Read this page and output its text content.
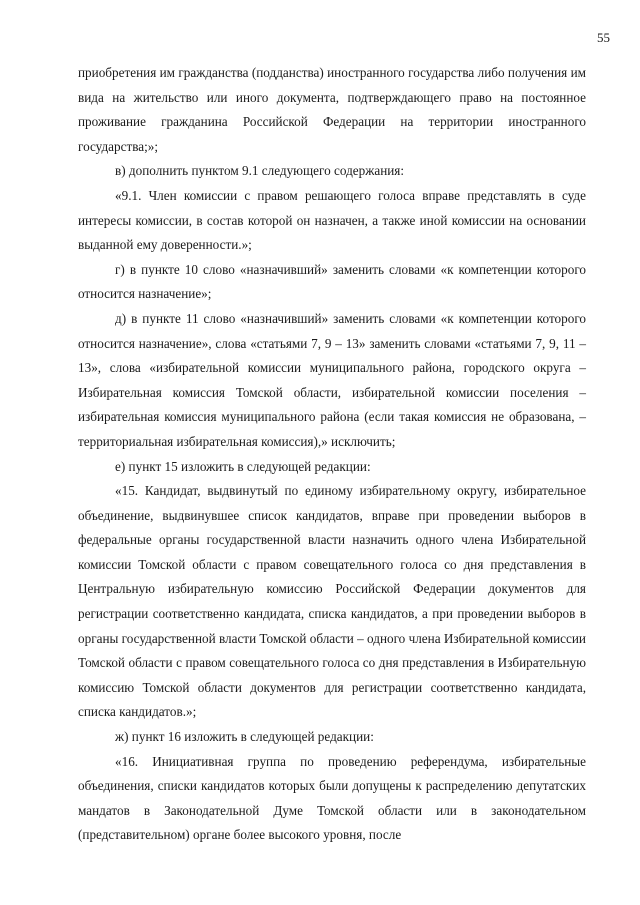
55

приобретения им гражданства (подданства) иностранного государства либо получения им вида на жительство или иного документа, подтверждающего право на постоянное проживание гражданина Российской Федерации на территории иностранного государства;»;

в) дополнить пунктом 9.1 следующего содержания:

«9.1. Член комиссии с правом решающего голоса вправе представлять в суде интересы комиссии, в состав которой он назначен, а также иной комиссии на основании выданной ему доверенности.»;

г) в пункте 10 слово «назначивший» заменить словами «к компетенции которого относится назначение»;

д) в пункте 11 слово «назначивший» заменить словами «к компетенции которого относится назначение», слова «статьями 7, 9 – 13» заменить словами «статьями 7, 9, 11 – 13», слова «избирательной комиссии муниципального района, городского округа – Избирательная комиссия Томской области, избирательной комиссии поселения – избирательная комиссия муниципального района (если такая комиссия не образована, – территориальная избирательная комиссия),» исключить;

е) пункт 15 изложить в следующей редакции:

«15. Кандидат, выдвинутый по единому избирательному округу, избирательное объединение, выдвинувшее список кандидатов, вправе при проведении выборов в федеральные органы государственной власти назначить одного члена Избирательной комиссии Томской области с правом совещательного голоса со дня представления в Центральную избирательную комиссию Российской Федерации документов для регистрации соответственно кандидата, списка кандидатов, а при проведении выборов в органы государственной власти Томской области – одного члена Избирательной комиссии Томской области с правом совещательного голоса со дня представления в Избирательную комиссию Томской области документов для регистрации соответственно кандидата, списка кандидатов.»;

ж) пункт 16 изложить в следующей редакции:

«16. Инициативная группа по проведению референдума, избирательные объединения, списки кандидатов которых были допущены к распределению депутатских мандатов в Законодательной Думе Томской области или в законодательном (представительном) органе более высокого уровня, после
